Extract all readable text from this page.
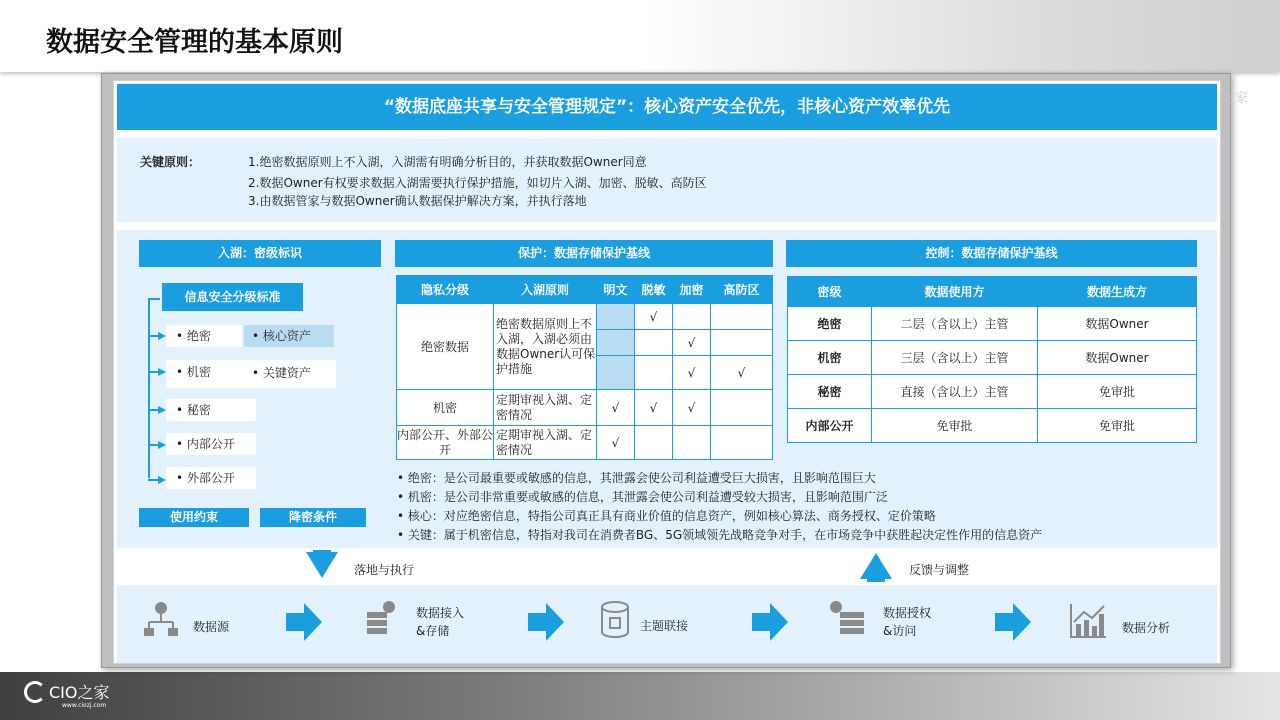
数据安全管理的基本原则
CIO之家
www.ciozj.com
“数据底座共享与安全管理规定”：核心资产安全优先，非核心资产效率优先	之家
关键原则：	1.绝密数据原则上不入湖，入湖需有明确分析目的，并获取数据Owner同意
2.数据Owner有权要求数据入湖需要执行保护措施，如切片入湖、加密、脱敏、高防区
3.由数据管家与数据Owner确认数据保护解决方案，并执行落地
入湖：密级标识
信息安全分级标准
• 绝密	• 核心资产
• 机密	• 关键资产
• 秘密
• 内部公开
• 外部公开
使用约束	降密条件
保护：数据存储保护基线
隐私分级	入湖原则	明文	脱敏	加密	高防区
绝密数据	绝密数据原则上不入湖，入湖必须由数据Owner认可保护措施		√		
				√	
				√	√
机密	定期审视入湖、定密情况	√	√	√	
内部公开、外部公开	定期审视入湖、定密情况	√			
控制：数据存储保护基线
密级	数据使用方	数据生成方
绝密	二层（含以上）主管	数据Owner
机密	三层（含以上）主管	数据Owner
秘密	直接（含以上）主管	免审批
内部公开	免审批	免审批
• 绝密：是公司最重要或敏感的信息，其泄露会使公司利益遭受巨大损害，且影响范围巨大
• 机密：是公司非常重要或敏感的信息，其泄露会使公司利益遭受较大损害，且影响范围广泛
• 核心：对应绝密信息，特指公司真正具有商业价值的信息资产，例如核心算法、商务授权、定价策略
• 关键：属于机密信息，特指对我司在消费者BG、5G领域领先战略竞争对手，在市场竞争中获胜起决定性作用的信息资产
落地与执行	反馈与调整
数据源
数据接入
&存储	主题联接
数据授权
&访问	数据分析
